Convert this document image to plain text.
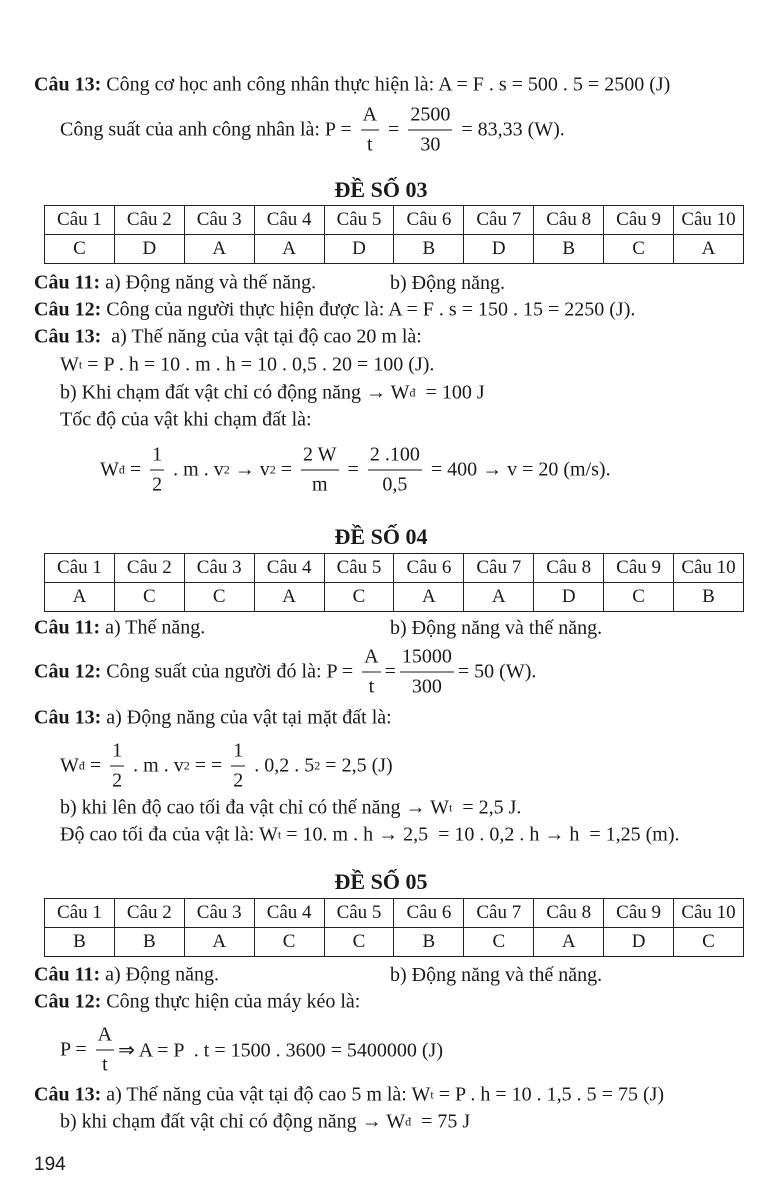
ĐỀ SỐ 03
ĐỀ SỐ 04
ĐỀ SỐ 05
Câu 1	Câu 2	Câu 3	Câu 4	Câu 5	Câu 6	Câu 7	Câu 8	Câu 9	Câu 10
C	D	A	A	D	B	D	B	C	A
Câu 1	Câu 2	Câu 3	Câu 4	Câu 5	Câu 6	Câu 7	Câu 8	Câu 9	Câu 10
A	C	C	A	C	A	A	D	C	B
Câu 1	Câu 2	Câu 3	Câu 4	Câu 5	Câu 6	Câu 7	Câu 8	Câu 9	Câu 10
B	B	A	C	C	B	C	A	D	C
Câu 13: Công cơ học anh công nhân thực hiện là: A = F . s = 500 . 5 = 2500 (J)
Công suất của anh công nhân là: $P = \frac{A}{t} = \frac{2500}{30} = 83,33$ (W).
Câu 11: a) Động năng và thế năng.	b) Động năng.
Câu 12: Công của người thực hiện được là: A = F . s = 150 . 15 = 2250 (J).
Câu 13: a) Thế năng của vật tại độ cao 20 m là:
W t = P . h = 10 . m . h = 10 . 0,5 . 20 = 100 (J).
b) Khi chạm đất vật chỉ có động năng → W đ = 100 J
Tốc độ của vật khi chạm đất là:
W đ = $\frac{1}{2}$ . m . v 2 → v $2 = \frac{2 W}{m} = \frac{2 .100}{0,5} = 400 \to v = 20$ (m/s).
Câu 11: a) Thế năng.	b) Động năng và thế năng.
Câu 12: Công suất của người đó là: $P = \frac{A}{t} = \frac{15000}{300} = 50$ (W).
Câu 13: a) Động năng của vật tại mặt đất là:
W đ = $\frac{1}{2}$ . m . v 2 = = $\frac{1}{2}$ . 0,2 . 5 2 = 2,5 (J)
b) khi lên độ cao tối đa vật chỉ có thế năng → W t = 2,5 J.
Độ cao tối đa của vật là: W t = 10. m . h → 2,5  = 10 . 0,2 . h → h  = 1,25 (m).
Câu 11: a) Động năng.	b) Động năng và thế năng.
Câu 12: Công thực hiện của máy kéo là:
$P = \frac{A}{t}$ ⇒ A = P  . t = 1500 . 3600 = 5400000 (J)
Câu 13: a) Thế năng của vật tại độ cao 5 m là: W t = P . h = 10 . 1,5 . 5 = 75 (J)
b) khi chạm đất vật chỉ có động năng → W đ = 75 J
194
